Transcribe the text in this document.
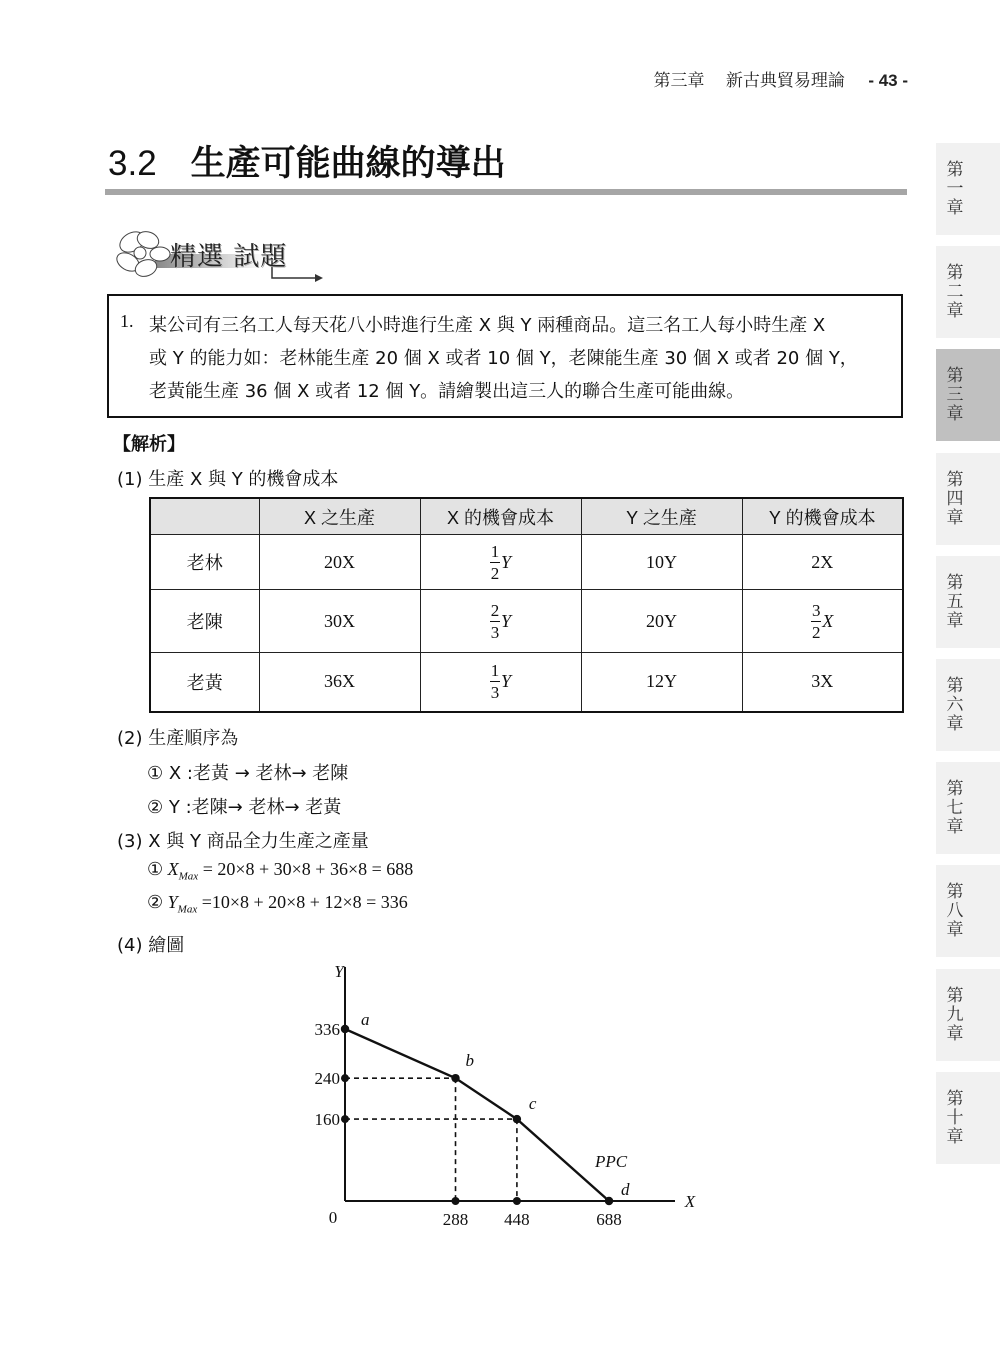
第三章 新古典貿易理論 - 43 -
3.2 生產可能曲線的導出
精選 試題
1. 某公司有三名工人每天花八小時進行生產 X 與 Y 兩種商品。這三名工人每小時生產 X
或 Y 的能力如：老林能生產 20 個 X 或者 10 個 Y，老陳能生產 30 個 X 或者 20 個 Y，
老黃能生產 36 個 X 或者 12 個 Y。請繪製出這三人的聯合生產可能曲線。
【解析】
(1) 生產 X 與 Y 的機會成本
	X 之生產	X 的機會成本	Y 之生產	Y 的機會成本
老林	20X	$\frac{1}{2}$ Y	10Y	2X
老陳	30X	$\frac{2}{3}$ Y	20Y	$\frac{3}{2}$ X
老黃	36X	$\frac{1}{3}$ Y	12Y	3X
(2) 生產順序為
① X :老黃 → 老林→ 老陳
② Y :老陳→ 老林→ 老黃
(3) X 與 Y 商品全力生產之產量
① $X_{Max} = 20\times 8 + 30\times 8 + 36\times 8 = 688$
② $Y_{Max} =10\times 8 + 20\times 8 + 12\times 8 = 336$
(4) 繪圖
Y
X
0
336
240
160
288 448	688
a
b
c
d
PPC
第一章
第二章
第三章
第四章
第五章
第六章
第七章
第八章
第九章
第十章
